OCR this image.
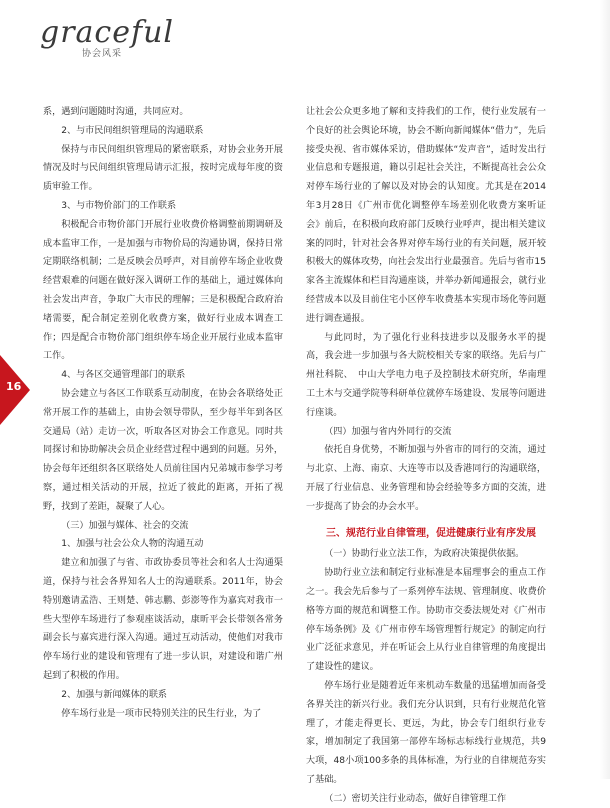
graceful
协会风采
16

系，遇到问题随时沟通，共同应对。

2、与市民间组织管理局的沟通联系

保持与市民间组织管理局的紧密联系，对协会业务开展情况及时与民间组织管理局请示汇报，按时完成每年度的资质审验工作。

3、与市物价部门的工作联系

积极配合市物价部门开展行业收费价格调整前期调研及成本监审工作，一是加强与市物价局的沟通协调，保持日常定期联络机制；二是反映会员呼声，对目前停车场企业收费经营艰难的问题在做好深入调研工作的基础上，通过媒体向社会发出声音，争取广大市民的理解；三是积极配合政府治堵需要，配合制定差别化收费方案，做好行业成本调查工作；四是配合市物价部门组织停车场企业开展行业成本监审工作。

4、与各区交通管理部门的联系

协会建立与各区工作联系互动制度，在协会各联络处正常开展工作的基础上，由协会领导带队，至少每半年到各区交通局（站）走访一次，听取各区对协会工作意见。同时共同探讨和协助解决会员企业经营过程中遇到的问题。另外，协会每年还组织各区联络处人员前往国内兄弟城市参学习考察，通过相关活动的开展，拉近了彼此的距离，开拓了视野，找到了差距，凝聚了人心。

（三）加强与媒体、社会的交流

1、加强与社会公众人物的沟通互动

建立和加强了与省、市政协委员等社会和名人士沟通渠道，保持与社会各界知名人士的沟通联系。2011年，协会特别邀请孟浩、王则楚、韩志鹏、彭澎等作为嘉宾对我市一些大型停车场进行了参观座谈活动，康昕平会长带领各常务副会长与嘉宾进行深入沟通。通过互动活动，使他们对我市停车场行业的建设和管理有了进一步认识，对建设和谐广州起到了积极的作用。

2、加强与新闻媒体的联系

停车场行业是一项市民特别关注的民生行业，为了

让社会公众更多地了解和支持我们的工作，使行业发展有一个良好的社会舆论环境，协会不断向新闻媒体“借力”，先后接受央视、省市媒体采访，借助媒体“发声音”，适时发出行业信息和专题报道，籍以引起社会关注，不断提高社会公众对停车场行业的了解以及对协会的认知度。尤其是在2014年3月28日《广州市优化调整停车场差别化收费方案听证会》前后，在积极向政府部门反映行业呼声，提出相关建议案的同时，针对社会各界对停车场行业的有关问题，展开较积极大的媒体攻势，向社会发出行业最强音。先后与省市15家各主流媒体和栏目沟通座谈，并举办新闻通报会，就行业经营成本以及目前住宅小区停车收费基本实现市场化等问题进行调查通报。

与此同时，为了强化行业科技进步以及服务水平的提高，我会进一步加强与各大院校相关专家的联络。先后与广州社科院、　中山大学电力电子及控制技术研究所，华南理工土木与交通学院等科研单位就停车场建设、发展等问题进行座谈。

（四）加强与省内外同行的交流

依托自身优势，不断加强与外省市的同行的交流，通过与北京、上海、南京、大连等市以及香港同行的沟通联络，开展了行业信息、业务管理和协会经验等多方面的交流，进一步提高了协会的办会水平。

三、规范行业自律管理，促进健康行业有序发展

（一）协助行业立法工作，为政府决策提供依据。

协助行业立法和制定行业标准是本届理事会的重点工作之一。我会先后参与了一系列停车法规、管理制度、收费价格等方面的规范和调整工作。协助市交委法规处对《广州市停车场条例》及《广州市停车场管理暂行规定》的制定向行业广泛征求意见，并在听证会上从行业自律管理的角度提出了建设性的建议。

停车场行业是随着近年来机动车数量的迅猛增加而备受各界关注的新兴行业。我们充分认识到，只有行业规范化管理了，才能走得更长、更远，为此，协会专门组织行业专家，增加制定了我国第一部停车场标志标线行业规范，共9大项，48小项100多条的具体标准，为行业的自律规范夯实了基础。

（二）密切关注行业动态，做好自律管理工作
